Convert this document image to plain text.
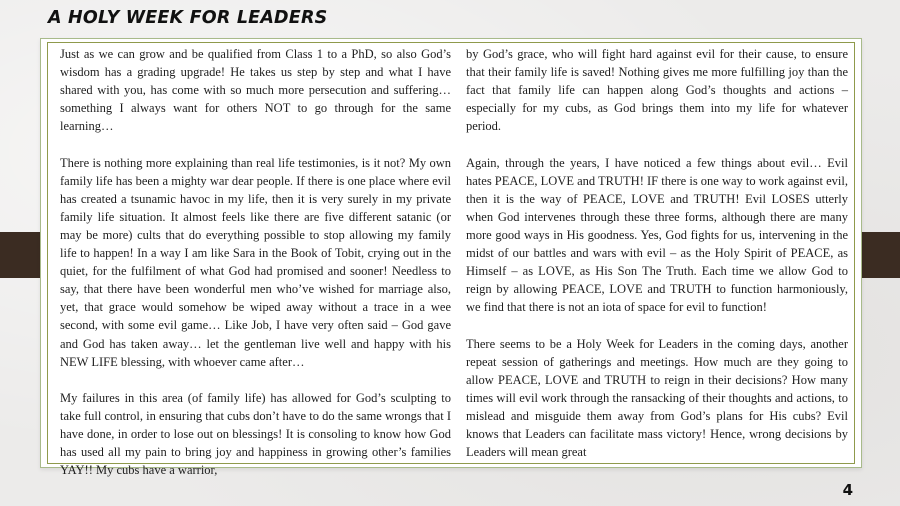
A HOLY WEEK FOR LEADERS

Just as we can grow and be qualified from Class 1 to a PhD, so also God’s wisdom has a grading upgrade! He takes us step by step and what I have shared with you, has come with so much more persecution and suffering… something I always want for others NOT to go through for the same learning…

There is nothing more explaining than real life testimonies, is it not? My own family life has been a mighty war dear people. If there is one place where evil has created a tsunamic havoc in my life, then it is very surely in my private family life situation. It almost feels like there are five different satanic (or may be more) cults that do everything possible to stop allowing my family life to happen! In a way I am like Sara in the Book of Tobit, crying out in the quiet, for the fulfilment of what God had promised and sooner! Needless to say, that there have been wonderful men who’ve wished for marriage also, yet, that grace would somehow be wiped away without a trace in a wee second, with some evil game… Like Job, I have very often said – God gave and God has taken away… let the gentleman live well and happy with his NEW LIFE blessing, with whoever came after…

My failures in this area (of family life) has allowed for God’s sculpting to take full control, in ensuring that cubs don’t have to do the same wrongs that I have done, in order to lose out on blessings! It is consoling to know how God has used all my pain to bring joy and happiness in growing other’s families YAY!! My cubs have a warrior,

by God’s grace, who will fight hard against evil for their cause, to ensure that their family life is saved! Nothing gives me more fulfilling joy than the fact that family life can happen along God’s thoughts and actions – especially for my cubs, as God brings them into my life for whatever period.

Again, through the years, I have noticed a few things about evil… Evil hates PEACE, LOVE and TRUTH! IF there is one way to work against evil, then it is the way of PEACE, LOVE and TRUTH! Evil LOSES utterly when God intervenes through these three forms, although there are many more good ways in His goodness. Yes, God fights for us, intervening in the midst of our battles and wars with evil – as the Holy Spirit of PEACE, as Himself – as LOVE, as His Son The Truth. Each time we allow God to reign by allowing PEACE, LOVE and TRUTH to function harmoniously, we find that there is not an iota of space for evil to function!

There seems to be a Holy Week for Leaders in the coming days, another repeat session of gatherings and meetings. How much are they going to allow PEACE, LOVE and TRUTH to reign in their decisions? How many times will evil work through the ransacking of their thoughts and actions, to mislead and misguide them away from God’s plans for His cubs? Evil knows that Leaders can facilitate mass victory! Hence, wrong decisions by Leaders will mean great

4
